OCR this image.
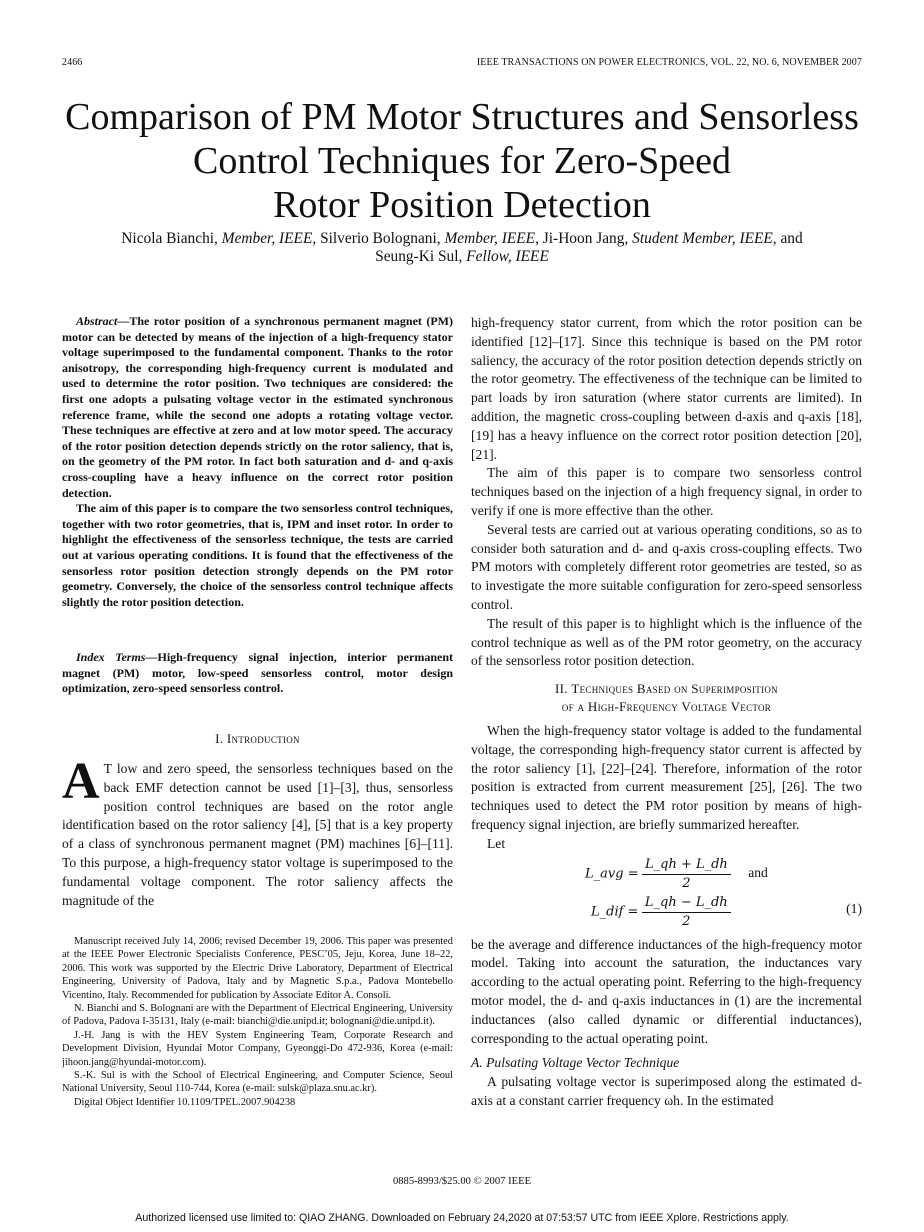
2466	IEEE TRANSACTIONS ON POWER ELECTRONICS, VOL. 22, NO. 6, NOVEMBER 2007
Comparison of PM Motor Structures and Sensorless
Control Techniques for Zero-Speed
Rotor Position Detection
Nicola Bianchi, Member, IEEE, Silverio Bolognani, Member, IEEE, Ji-Hoon Jang, Student Member, IEEE, and
Seung-Ki Sul, Fellow, IEEE

Abstract—The rotor position of a synchronous permanent magnet (PM) motor can be detected by means of the injection of a high-frequency stator voltage superimposed to the fundamental component. Thanks to the rotor anisotropy, the corresponding high-frequency current is modulated and used to determine the rotor position. Two techniques are considered: the first one adopts a pulsating voltage vector in the estimated synchronous reference frame, while the second one adopts a rotating voltage vector. These techniques are effective at zero and at low motor speed. The accuracy of the rotor position detection depends strictly on the rotor saliency, that is, on the geometry of the PM rotor. In fact both saturation and d- and q-axis cross-coupling have a heavy influence on the correct rotor position detection.

The aim of this paper is to compare the two sensorless control techniques, together with two rotor geometries, that is, IPM and inset rotor. In order to highlight the effectiveness of the sensorless technique, the tests are carried out at various operating conditions. It is found that the effectiveness of the sensorless rotor position detection strongly depends on the PM rotor geometry. Conversely, the choice of the sensorless control technique affects slightly the rotor position detection.

Index Terms—High-frequency signal injection, interior permanent magnet (PM) motor, low-speed sensorless control, motor design optimization, zero-speed sensorless control.
I. Introduction

A T low and zero speed, the sensorless techniques based on the back EMF detection cannot be used [1]–[3], thus, sensorless position control techniques are based on the rotor angle identification based on the rotor saliency [4], [5] that is a key property of a class of synchronous permanent magnet (PM) machines [6]–[11]. To this purpose, a high-frequency stator voltage is superimposed to the fundamental voltage component. The rotor saliency affects the magnitude of the

Manuscript received July 14, 2006; revised December 19, 2006. This paper was presented at the IEEE Power Electronic Specialists Conference, PESC’05, Jeju, Korea, June 18–22, 2006. This work was supported by the Electric Drive Laboratory, Department of Electrical Engineering, University of Padova, Italy and by Magnetic S.p.a., Padova Montebello Vicentino, Italy. Recommended for publication by Associate Editor A. Consoli.

N. Bianchi and S. Bolognani are with the Department of Electrical Engineering, University of Padova, Padova I-35131, Italy (e-mail: bianchi@die.unipd.it; bolognani@die.unipd.it).

J.-H. Jang is with the HEV System Engineering Team, Corporate Research and Development Division, Hyundai Motor Company, Gyeonggi-Do 472-936, Korea (e-mail: jihoon.jang@hyundai-motor.com).

S.-K. Sul is with the School of Electrical Engineering, and Computer Science, Seoul National University, Seoul 110-744, Korea (e-mail: sulsk@plaza.snu.ac.kr).

Digital Object Identifier 10.1109/TPEL.2007.904238

high-frequency stator current, from which the rotor position can be identified [12]–[17]. Since this technique is based on the PM rotor saliency, the accuracy of the rotor position detection depends strictly on the rotor geometry. The effectiveness of the technique can be limited to part loads by iron saturation (where stator currents are limited). In addition, the magnetic cross-coupling between d-axis and q-axis [18], [19] has a heavy influence on the correct rotor position detection [20], [21].

The aim of this paper is to compare two sensorless control techniques based on the injection of a high frequency signal, in order to verify if one is more effective than the other.

Several tests are carried out at various operating conditions, so as to consider both saturation and d- and q-axis cross-coupling effects. Two PM motors with completely different rotor geometries are tested, so as to investigate the more suitable configuration for zero-speed sensorless control.

The result of this paper is to highlight which is the influence of the control technique as well as of the PM rotor geometry, on the accuracy of the sensorless rotor position detection.

II. Techniques Based on Superimposition
of a High-Frequency Voltage Vector

When the high-frequency stator voltage is added to the fundamental voltage, the corresponding high-frequency stator current is affected by the rotor saliency [1], [22]–[24]. Therefore, information of the rotor position is extracted from current measurement [25], [26]. The two techniques used to detect the PM rotor position by means of high-frequency signal injection, are briefly summarized hereafter.

Let

L_avg = $\frac{L\_qh + L\_dh}{2}$ and
L_dif = $\frac{L\_qh - L\_dh}{2}$	(1)

be the average and difference inductances of the high-frequency motor model. Taking into account the saturation, the inductances vary according to the actual operating point. Referring to the high-frequency motor model, the d- and q-axis inductances in (1) are the incremental inductances (also called dynamic or differential inductances), corresponding to the actual operating point.

A. Pulsating Voltage Vector Technique

A pulsating voltage vector is superimposed along the estimated d-axis at a constant carrier frequency ωh. In the estimated

0885-8993/$25.00 © 2007 IEEE
Authorized licensed use limited to: QIAO ZHANG. Downloaded on February 24,2020 at 07:53:57 UTC from IEEE Xplore. Restrictions apply.
